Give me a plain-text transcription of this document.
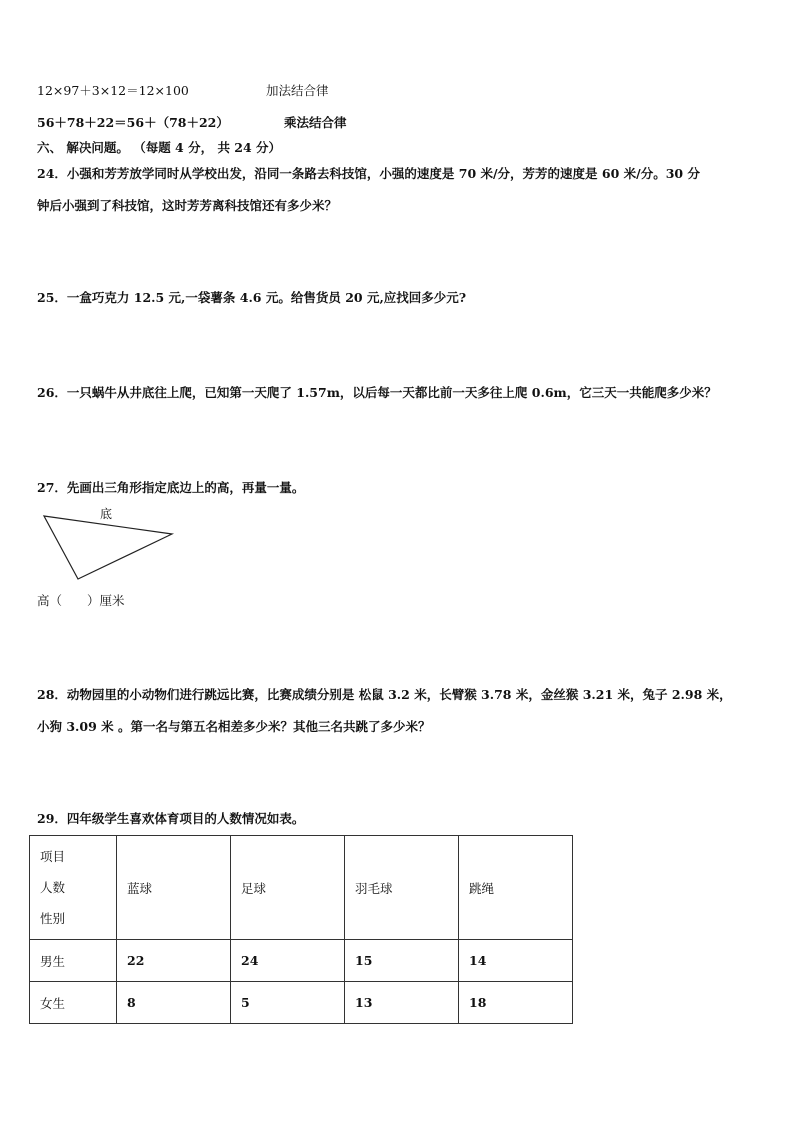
12×97＋3×12＝12×100	加法结合律
56＋78＋22＝56＋（78＋22）	乘法结合律
六、 解决问题。 （每题 4 分， 共 24 分）
24．小强和芳芳放学同时从学校出发，沿同一条路去科技馆，小强的速度是 70 米/分，芳芳的速度是 60 米/分。30 分
钟后小强到了科技馆，这时芳芳离科技馆还有多少米？
25．一盒巧克力 12.5 元,一袋薯条 4.6 元。给售货员 20 元,应找回多少元?
26．一只蜗牛从井底往上爬，已知第一天爬了 1.57m，以后每一天都比前一天多往上爬 0.6m，它三天一共能爬多少米？
27．先画出三角形指定底边上的高，再量一量。
底
高（　　）厘米
28．动物园里的小动物们进行跳远比赛，比赛成绩分别是 松鼠 3.2 米，长臂猴 3.78 米，金丝猴 3.21 米，兔子 2.98 米，
小狗 3.09 米 。第一名与第五名相差多少米？其他三名共跳了多少米？
29．四年级学生喜欢体育项目的人数情况如表。
项目
人数
性别	蓝球	足球	羽毛球	跳绳
男生	22	24	15	14
女生	8	5	13	18
